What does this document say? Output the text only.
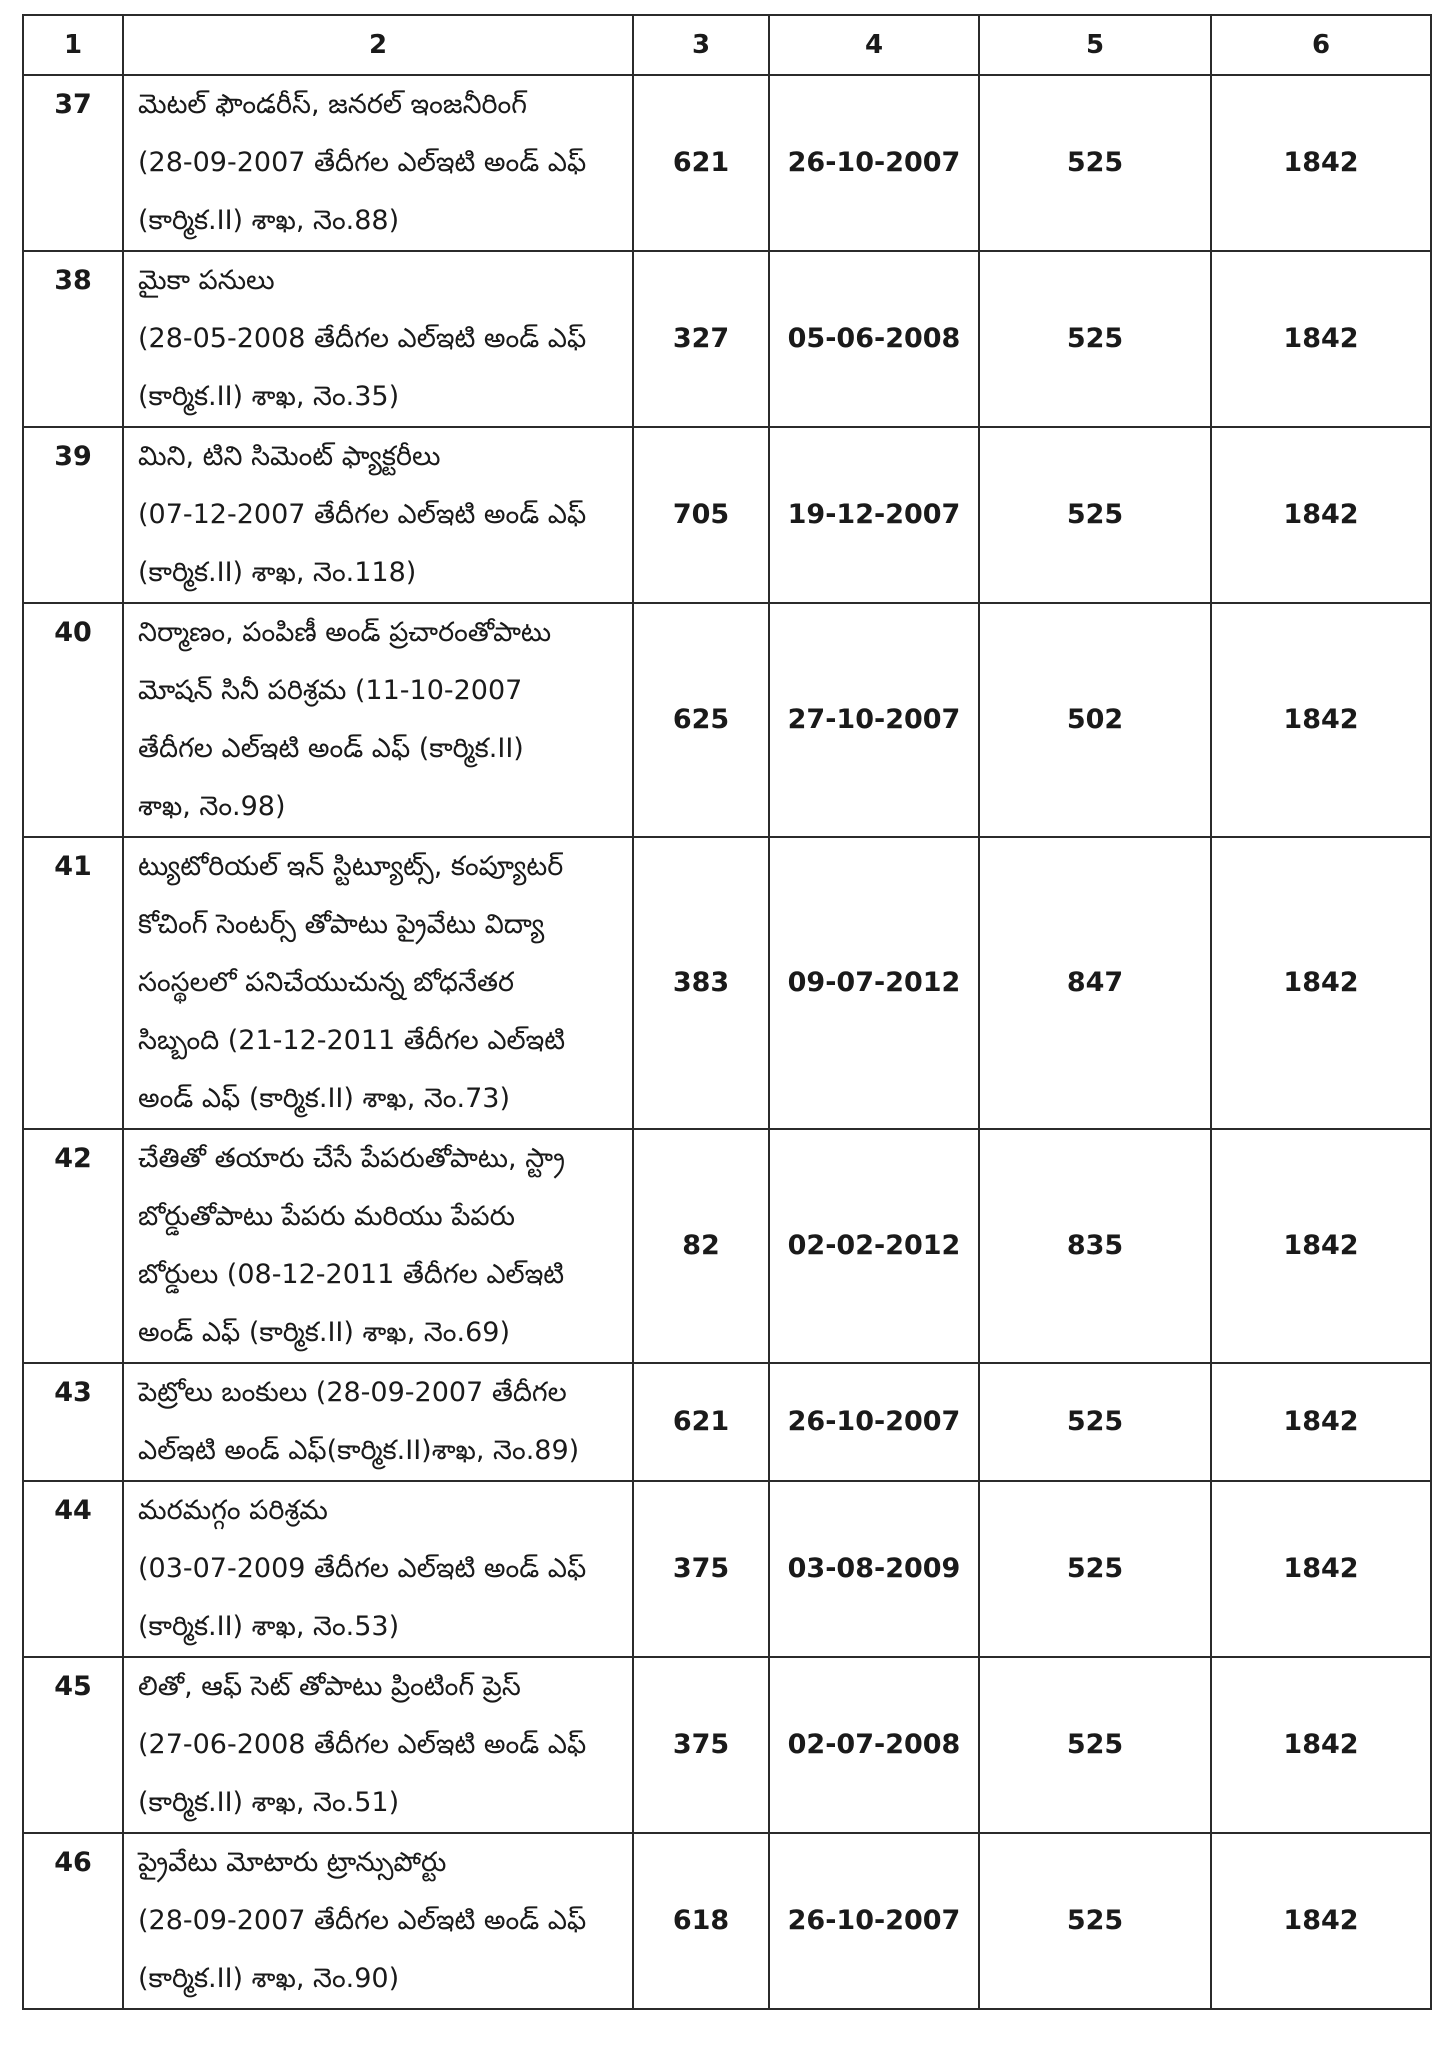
1	2	3	4	5	6
37	మెటల్ ఫౌండరీస్, జనరల్ ఇంజనీరింగ్
(28-09-2007 తేదీగల ఎల్‌ఇటి అండ్ ఎఫ్
(కార్మిక.II) శాఖ, నెం.88)	621	26-10-2007	525	1842
38	మైకా పనులు
(28-05-2008 తేదీగల ఎల్‌ఇటి అండ్ ఎఫ్
(కార్మిక.II) శాఖ, నెం.35)	327	05-06-2008	525	1842
39	మిని, టిని సిమెంట్ ఫ్యాక్టరీలు
(07-12-2007 తేదీగల ఎల్‌ఇటి అండ్ ఎఫ్
(కార్మిక.II) శాఖ, నెం.118)	705	19-12-2007	525	1842
40	నిర్మాణం, పంపిణీ అండ్ ప్రచారంతోపాటు
మోషన్ సినీ పరిశ్రమ (11-10-2007
తేదీగల ఎల్‌ఇటి అండ్ ఎఫ్ (కార్మిక.II)
శాఖ, నెం.98)	625	27-10-2007	502	1842
41	ట్యుటోరియల్ ఇన్ స్టిట్యూట్స్, కంప్యూటర్
కోచింగ్ సెంటర్స్ తోపాటు ప్రైవేటు విద్యా
సంస్థలలో పనిచేయుచున్న బోధనేతర
సిబ్బంది (21-12-2011 తేదీగల ఎల్‌ఇటి
అండ్ ఎఫ్ (కార్మిక.II) శాఖ, నెం.73)	383	09-07-2012	847	1842
42	చేతితో తయారు చేసే పేపరుతోపాటు, స్ట్రా
బోర్డుతోపాటు పేపరు మరియు పేపరు
బోర్డులు (08-12-2011 తేదీగల ఎల్‌ఇటి
అండ్ ఎఫ్ (కార్మిక.II) శాఖ, నెం.69)	82	02-02-2012	835	1842
43	పెట్రోలు బంకులు (28-09-2007 తేదీగల
ఎల్‌ఇటి అండ్ ఎఫ్(కార్మిక.II)శాఖ, నెం.89)	621	26-10-2007	525	1842
44	మరమగ్గం పరిశ్రమ
(03-07-2009 తేదీగల ఎల్‌ఇటి అండ్ ఎఫ్
(కార్మిక.II) శాఖ, నెం.53)	375	03-08-2009	525	1842
45	లితో, ఆఫ్ సెట్ తోపాటు ప్రింటింగ్ ప్రెస్
(27-06-2008 తేదీగల ఎల్‌ఇటి అండ్ ఎఫ్
(కార్మిక.II) శాఖ, నెం.51)	375	02-07-2008	525	1842
46	ప్రైవేటు మోటారు ట్రాన్సుపోర్టు
(28-09-2007 తేదీగల ఎల్‌ఇటి అండ్ ఎఫ్
(కార్మిక.II) శాఖ, నెం.90)	618	26-10-2007	525	1842
